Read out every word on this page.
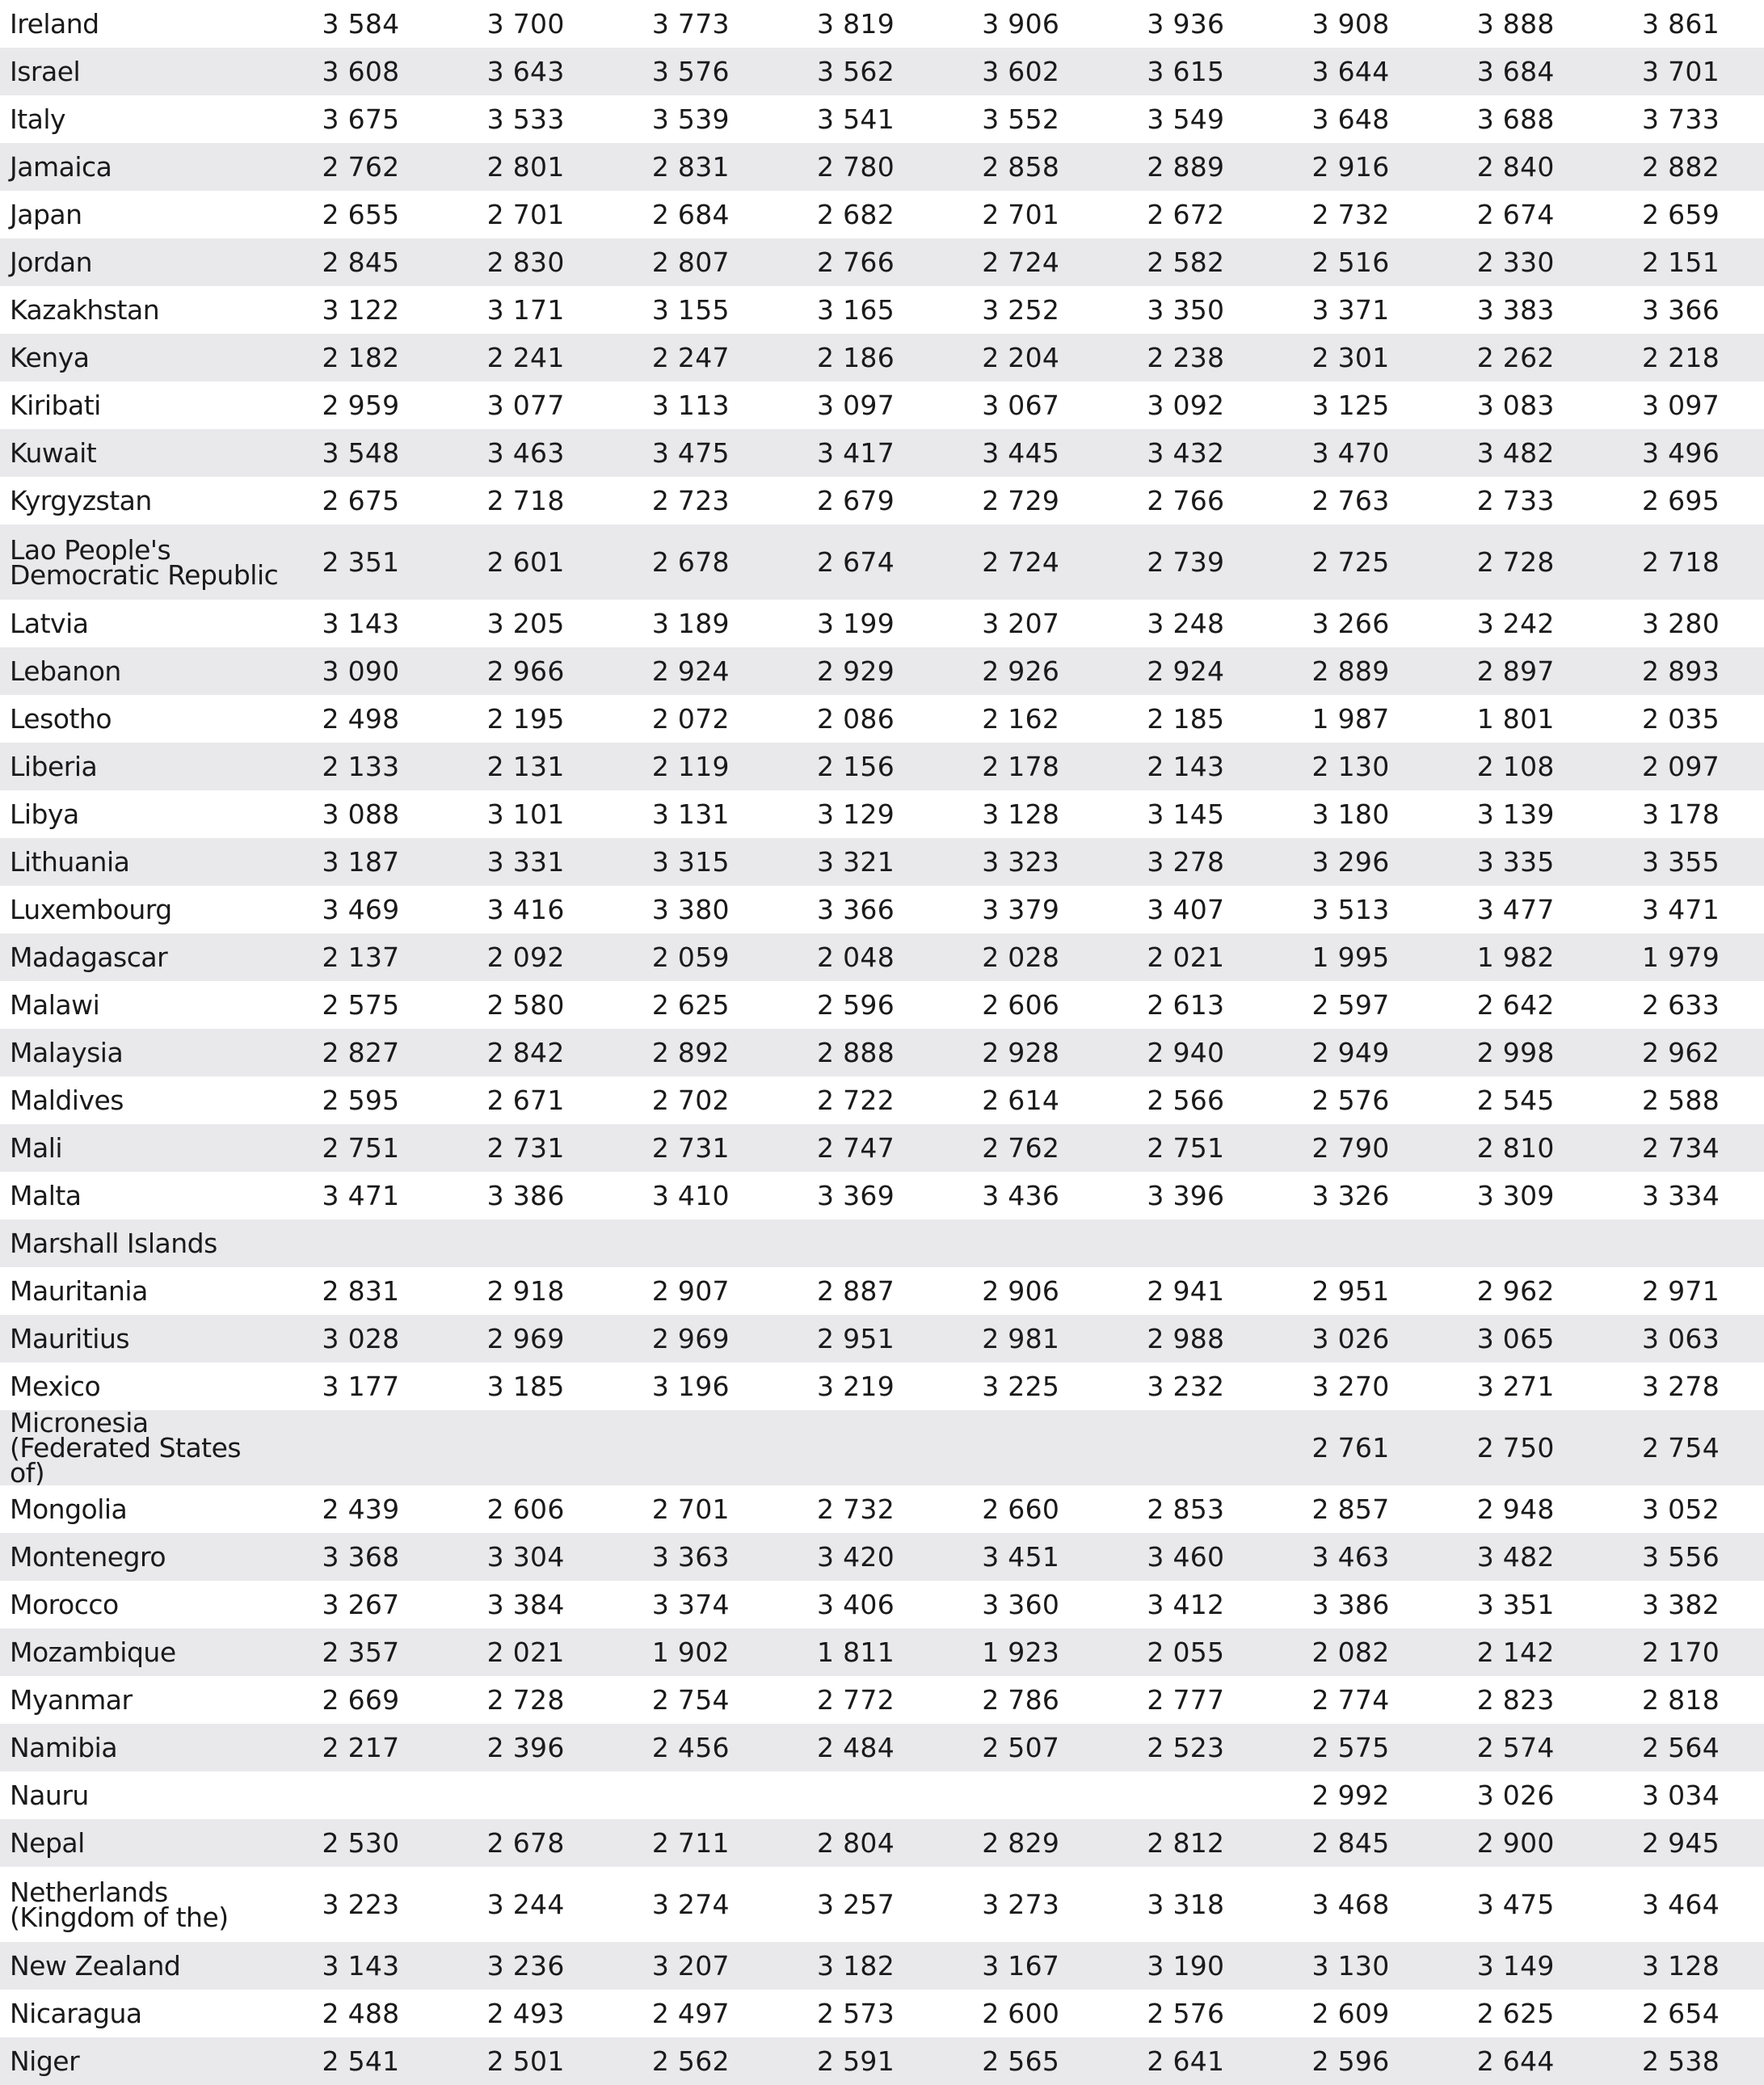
Ireland	3 584	3 700	3 773	3 819	3 906	3 936	3 908	3 888	3 861
Israel	3 608	3 643	3 576	3 562	3 602	3 615	3 644	3 684	3 701
Italy	3 675	3 533	3 539	3 541	3 552	3 549	3 648	3 688	3 733
Jamaica	2 762	2 801	2 831	2 780	2 858	2 889	2 916	2 840	2 882
Japan	2 655	2 701	2 684	2 682	2 701	2 672	2 732	2 674	2 659
Jordan	2 845	2 830	2 807	2 766	2 724	2 582	2 516	2 330	2 151
Kazakhstan	3 122	3 171	3 155	3 165	3 252	3 350	3 371	3 383	3 366
Kenya	2 182	2 241	2 247	2 186	2 204	2 238	2 301	2 262	2 218
Kiribati	2 959	3 077	3 113	3 097	3 067	3 092	3 125	3 083	3 097
Kuwait	3 548	3 463	3 475	3 417	3 445	3 432	3 470	3 482	3 496
Kyrgyzstan	2 675	2 718	2 723	2 679	2 729	2 766	2 763	2 733	2 695
Lao People's Democratic Republic	2 351	2 601	2 678	2 674	2 724	2 739	2 725	2 728	2 718
Latvia	3 143	3 205	3 189	3 199	3 207	3 248	3 266	3 242	3 280
Lebanon	3 090	2 966	2 924	2 929	2 926	2 924	2 889	2 897	2 893
Lesotho	2 498	2 195	2 072	2 086	2 162	2 185	1 987	1 801	2 035
Liberia	2 133	2 131	2 119	2 156	2 178	2 143	2 130	2 108	2 097
Libya	3 088	3 101	3 131	3 129	3 128	3 145	3 180	3 139	3 178
Lithuania	3 187	3 331	3 315	3 321	3 323	3 278	3 296	3 335	3 355
Luxembourg	3 469	3 416	3 380	3 366	3 379	3 407	3 513	3 477	3 471
Madagascar	2 137	2 092	2 059	2 048	2 028	2 021	1 995	1 982	1 979
Malawi	2 575	2 580	2 625	2 596	2 606	2 613	2 597	2 642	2 633
Malaysia	2 827	2 842	2 892	2 888	2 928	2 940	2 949	2 998	2 962
Maldives	2 595	2 671	2 702	2 722	2 614	2 566	2 576	2 545	2 588
Mali	2 751	2 731	2 731	2 747	2 762	2 751	2 790	2 810	2 734
Malta	3 471	3 386	3 410	3 369	3 436	3 396	3 326	3 309	3 334
Marshall Islands									
Mauritania	2 831	2 918	2 907	2 887	2 906	2 941	2 951	2 962	2 971
Mauritius	3 028	2 969	2 969	2 951	2 981	2 988	3 026	3 065	3 063
Mexico	3 177	3 185	3 196	3 219	3 225	3 232	3 270	3 271	3 278
Micronesia (Federated States of)							2 761	2 750	2 754
Mongolia	2 439	2 606	2 701	2 732	2 660	2 853	2 857	2 948	3 052
Montenegro	3 368	3 304	3 363	3 420	3 451	3 460	3 463	3 482	3 556
Morocco	3 267	3 384	3 374	3 406	3 360	3 412	3 386	3 351	3 382
Mozambique	2 357	2 021	1 902	1 811	1 923	2 055	2 082	2 142	2 170
Myanmar	2 669	2 728	2 754	2 772	2 786	2 777	2 774	2 823	2 818
Namibia	2 217	2 396	2 456	2 484	2 507	2 523	2 575	2 574	2 564
Nauru							2 992	3 026	3 034
Nepal	2 530	2 678	2 711	2 804	2 829	2 812	2 845	2 900	2 945
Netherlands (Kingdom of the)	3 223	3 244	3 274	3 257	3 273	3 318	3 468	3 475	3 464
New Zealand	3 143	3 236	3 207	3 182	3 167	3 190	3 130	3 149	3 128
Nicaragua	2 488	2 493	2 497	2 573	2 600	2 576	2 609	2 625	2 654
Niger	2 541	2 501	2 562	2 591	2 565	2 641	2 596	2 644	2 538
